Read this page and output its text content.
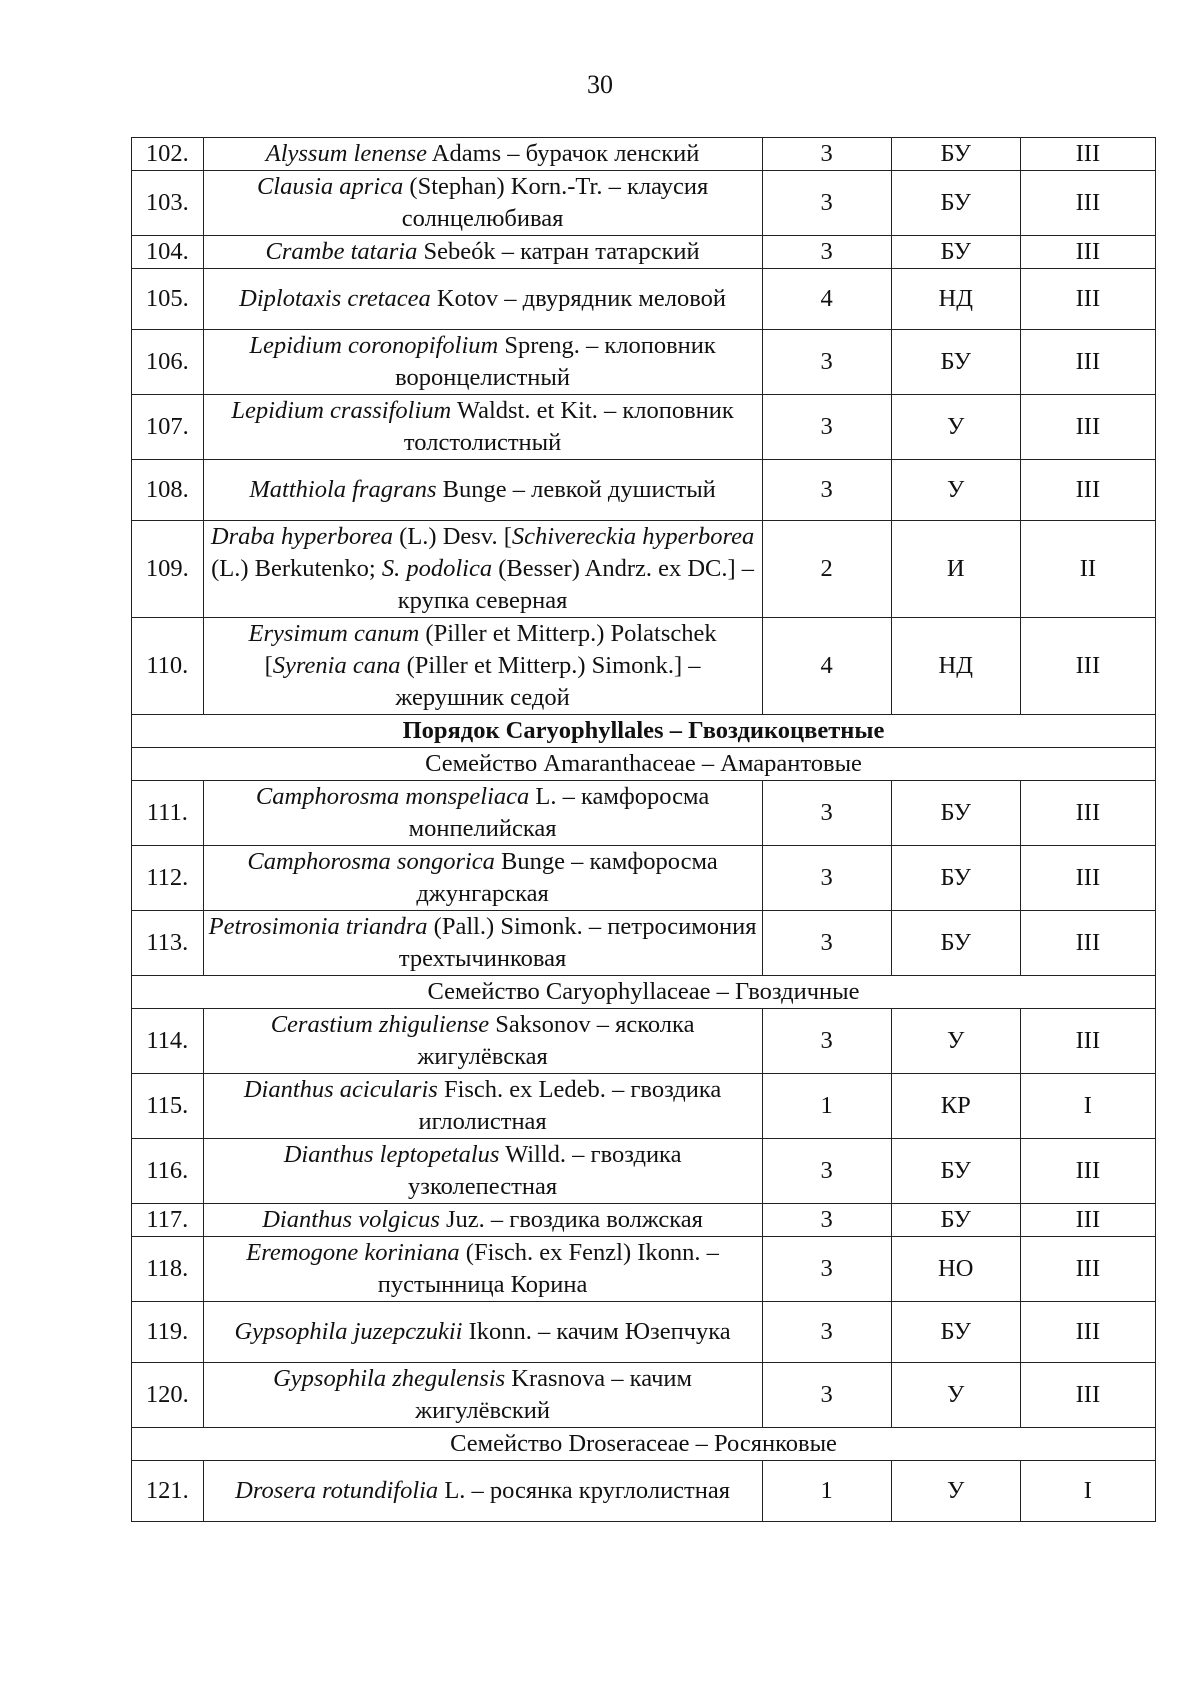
30
102.	Alyssum lenense Adams – бурачок ленский	3	БУ	III
103.	Clausia aprica (Stephan) Korn.-Tr. – клаусия солнцелюбивая	3	БУ	III
104.	Crambe tataria Sebeók – катран татарский	3	БУ	III
105.	Diplotaxis cretacea Kotov – двурядник меловой	4	НД	III
106.	Lepidium coronopifolium Spreng. – клоповник воронцелистный	3	БУ	III
107.	Lepidium crassifolium Waldst. et Kit. – клоповник толстолистный	3	У	III
108.	Matthiola fragrans Bunge – левкой душистый	3	У	III
109.	Draba hyperborea (L.) Desv. [Schivereckia hyperborea (L.) Berkutenko; S. podolica (Besser) Andrz. ex DC.] – крупка северная	2	И	II
110.	Erysimum canum (Piller et Mitterp.) Polatschek [Syrenia cana (Piller et Mitterp.) Simonk.] – жерушник седой	4	НД	III
Порядок Caryophyllales – Гвоздикоцветные				
Семейство Amaranthaceae – Амарантовые				
111.	Camphorosma monspeliaca L. – камфоросма монпелийская	3	БУ	III
112.	Camphorosma songorica Bunge – камфоросма джунгарская	3	БУ	III
113.	Petrosimonia triandra (Pall.) Simonk. – петросимония трехтычинковая	3	БУ	III
Семейство Caryophyllaceae – Гвоздичные				
114.	Cerastium zhiguliense Saksonov – ясколка жигулёвская	3	У	III
115.	Dianthus acicularis Fisch. ex Ledeb. – гвоздика иглолистная	1	КР	I
116.	Dianthus leptopetalus Willd. – гвоздика узколепестная	3	БУ	III
117.	Dianthus volgicus Juz. – гвоздика волжская	3	БУ	III
118.	Eremogone koriniana (Fisch. ex Fenzl) Ikonn. – пустынница Корина	3	НО	III
119.	Gypsophila juzepczukii Ikonn. – качим Юзепчука	3	БУ	III
120.	Gypsophila zhegulensis Krasnova – качим жигулёвский	3	У	III
Семейство Droseraceae – Росянковые				
121.	Drosera rotundifolia L. – росянка круглолистная	1	У	I
